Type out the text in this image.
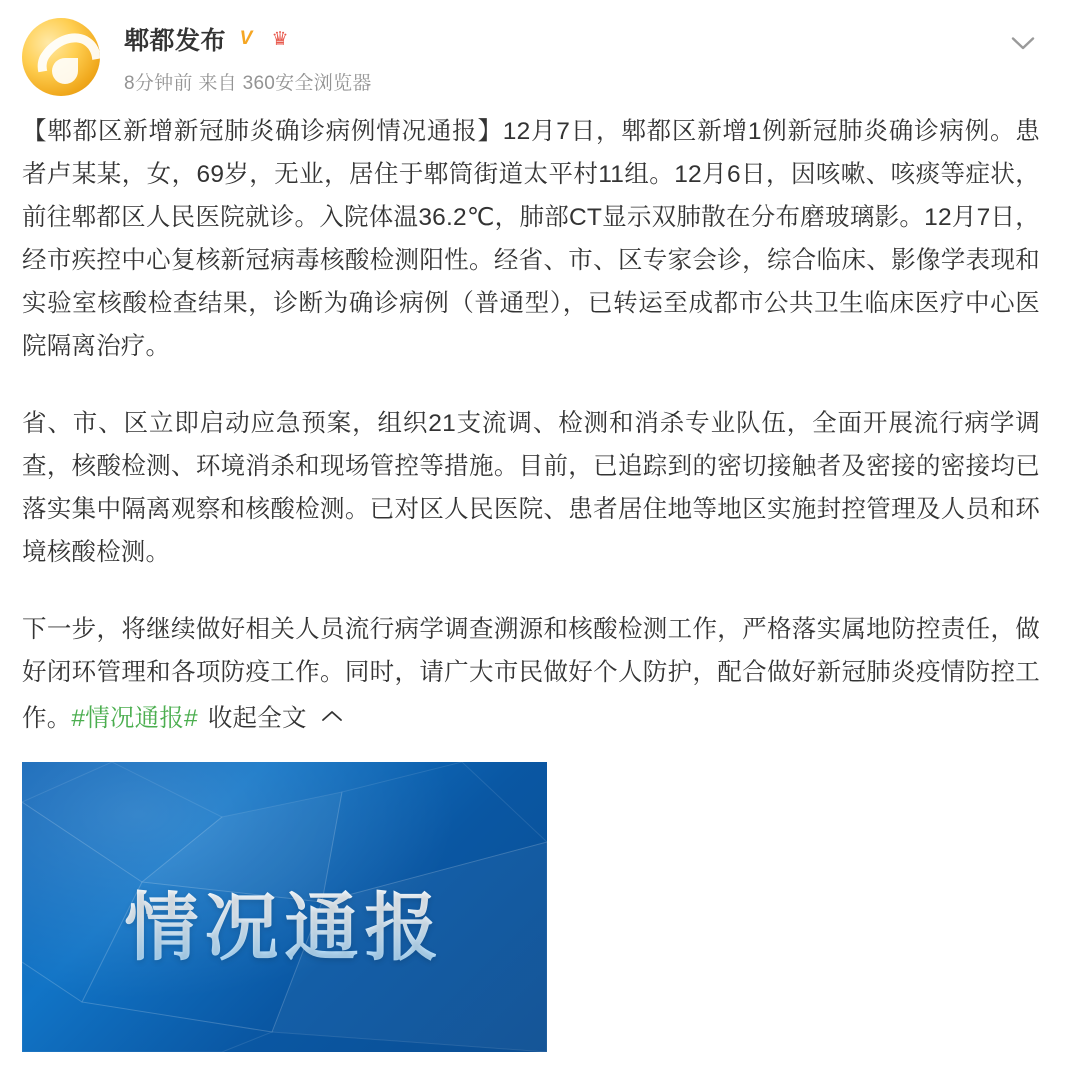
郫都发布 V ♛
8分钟前 来自 360安全浏览器

【郫都区新增新冠肺炎确诊病例情况通报】12月7日，郫都区新增1例新冠肺炎确诊病例。患者卢某某，女，69岁，无业，居住于郫筒街道太平村11组。12月6日，因咳嗽、咳痰等症状，前往郫都区人民医院就诊。入院体温36.2℃，肺部CT显示双肺散在分布磨玻璃影。12月7日，经市疾控中心复核新冠病毒核酸检测阳性。经省、市、区专家会诊，综合临床、影像学表现和实验室核酸检查结果，诊断为确诊病例（普通型），已转运至成都市公共卫生临床医疗中心医院隔离治疗。

省、市、区立即启动应急预案，组织21支流调、检测和消杀专业队伍，全面开展流行病学调查，核酸检测、环境消杀和现场管控等措施。目前，已追踪到的密切接触者及密接的密接均已落实集中隔离观察和核酸检测。已对区人民医院、患者居住地等地区实施封控管理及人员和环境核酸检测。

下一步，将继续做好相关人员流行病学调查溯源和核酸检测工作，严格落实属地防控责任，做好闭环管理和各项防疫工作。同时，请广大市民做好个人防护，配合做好新冠肺炎疫情防控工作。#情况通报# 收起全文

情况通报
